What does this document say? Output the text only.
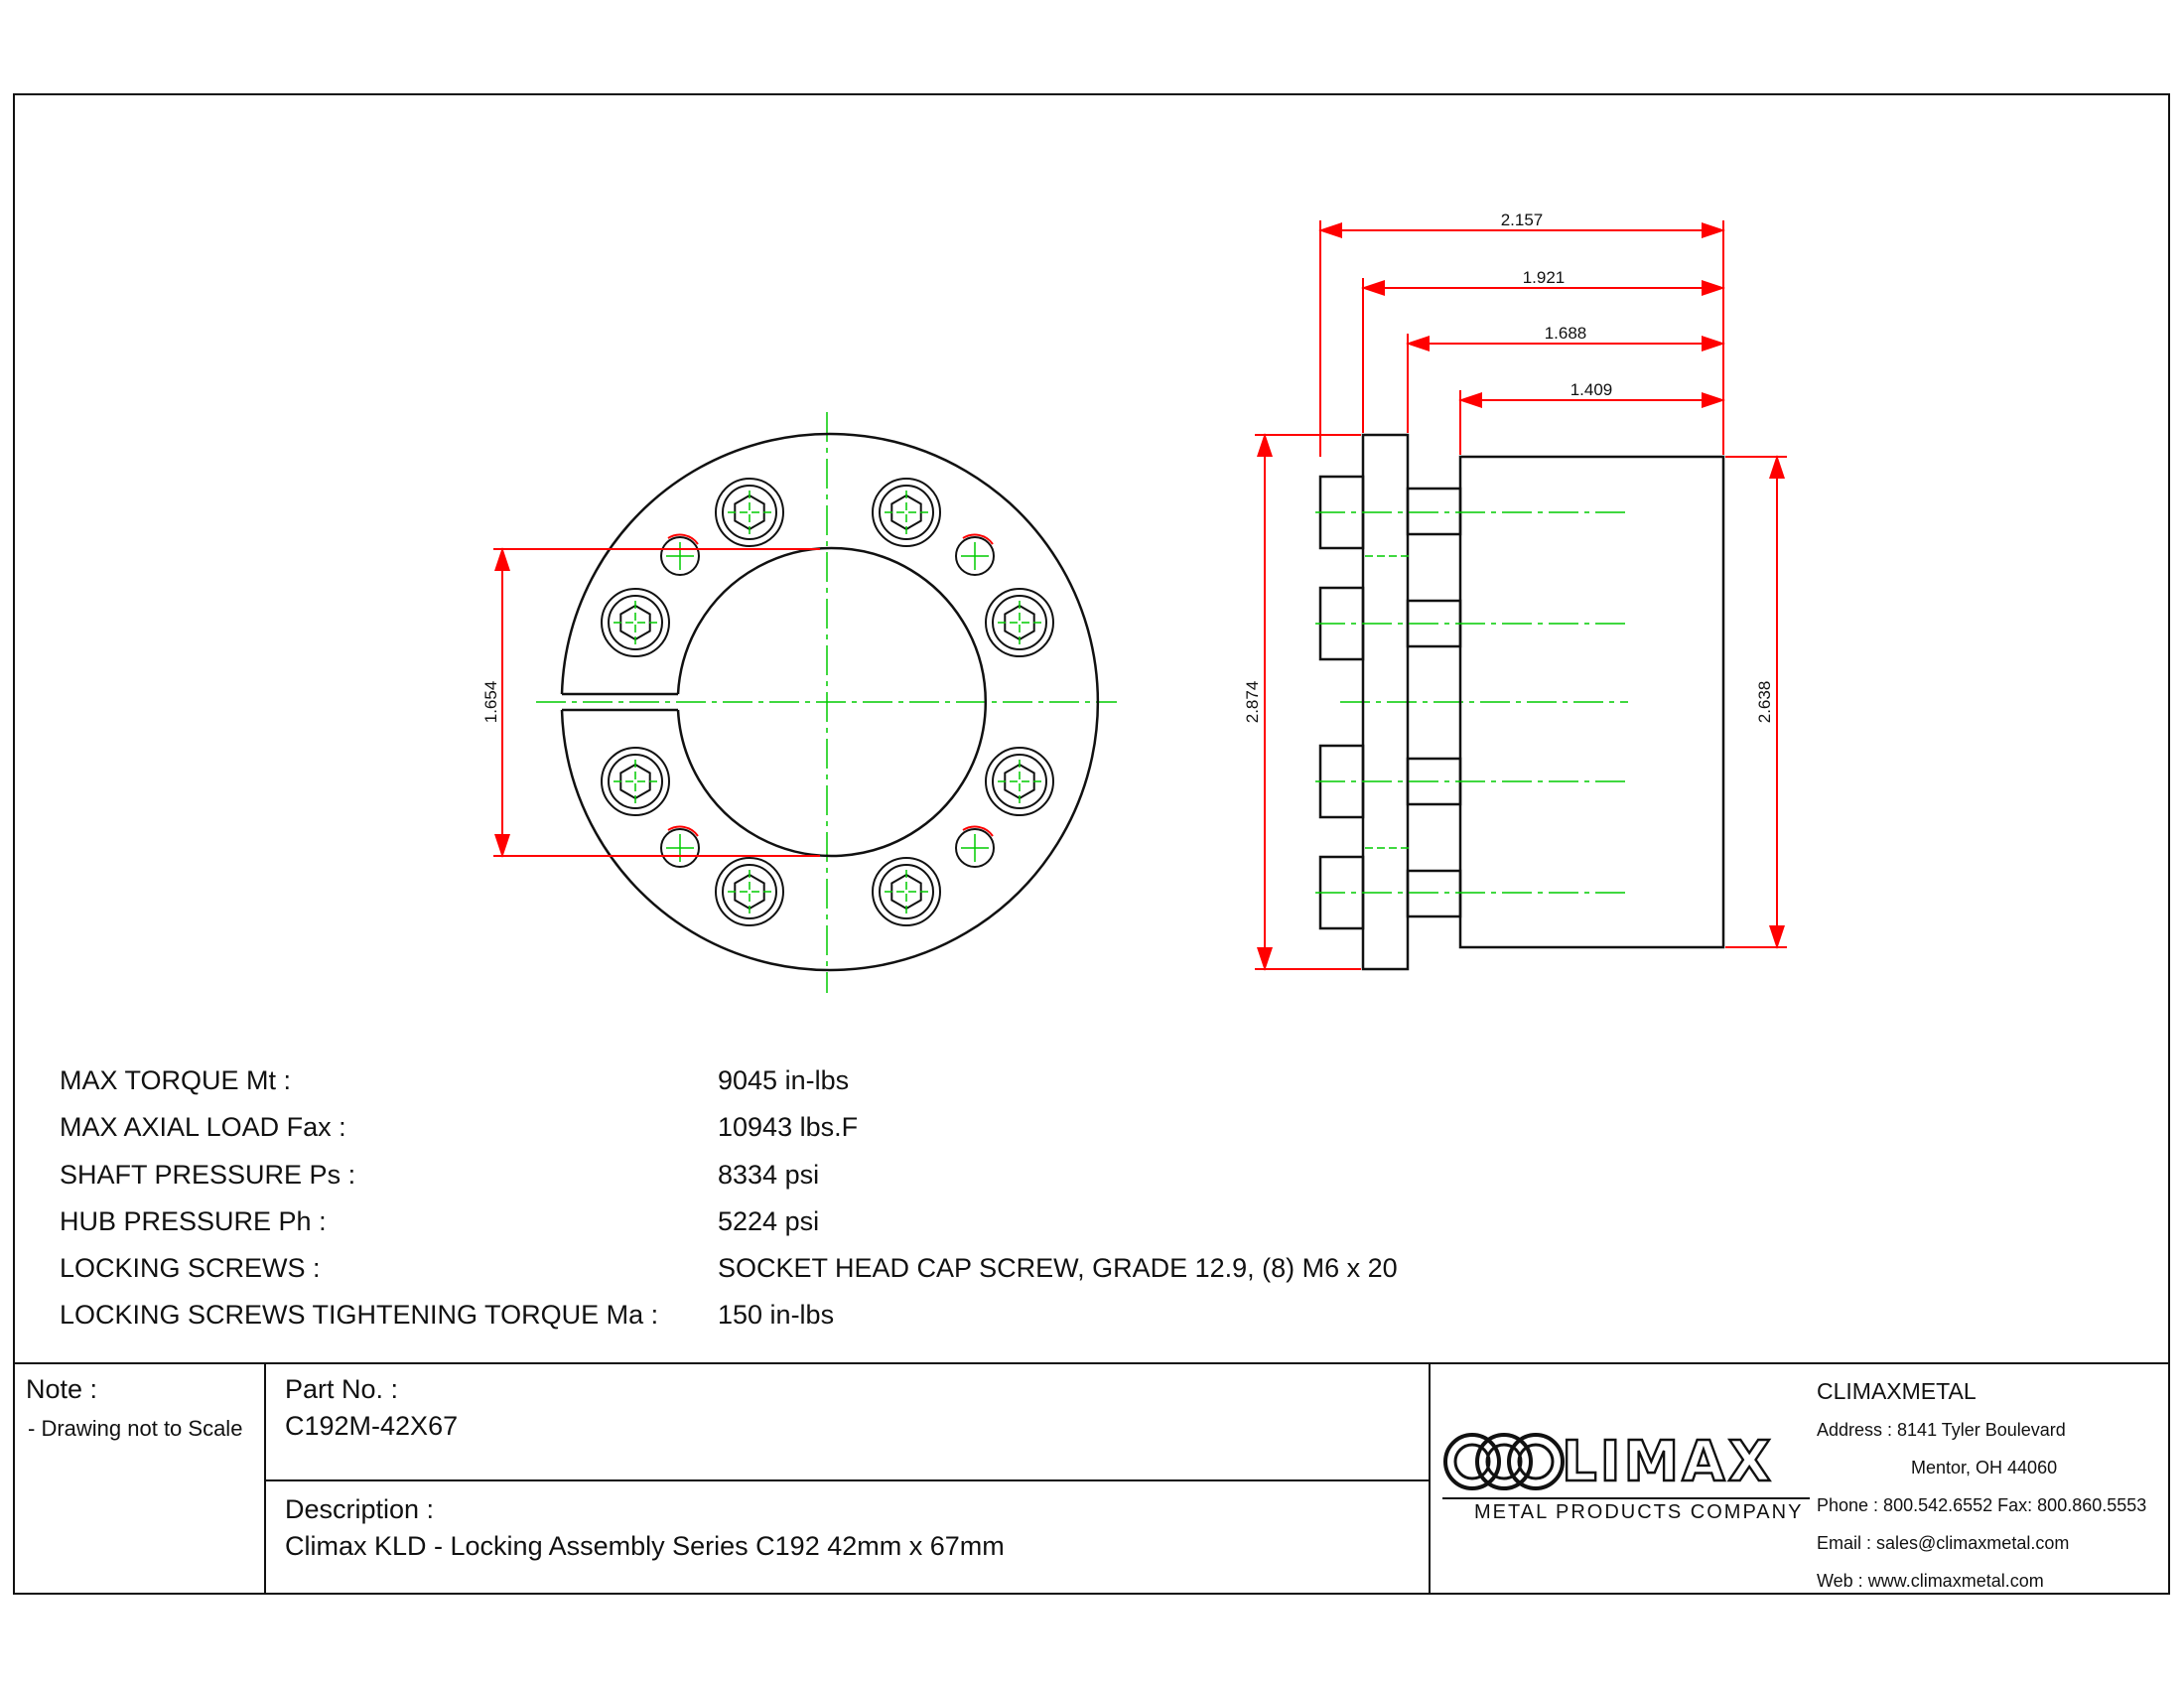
1.654
2.157
1.921
1.688
1.409
2.874	2.638
MAX TORQUE Mt :	9045 in-lbs
MAX AXIAL LOAD Fax :	10943 lbs.F
SHAFT PRESSURE Ps :	8334 psi
HUB PRESSURE Ph :	5224 psi
LOCKING SCREWS :	SOCKET HEAD CAP SCREW, GRADE 12.9, (8) M6 x 20
LOCKING SCREWS TIGHTENING TORQUE Ma : 150 in-lbs
Note :
- Drawing not to Scale
Part No. :
C192M-42X67
Description :
Climax KLD - Locking Assembly Series C192 42mm x 67mm
LIMAX
METAL PRODUCTS COMPANY
CLIMAXMETAL
Address : 8141 Tyler Boulevard
Mentor, OH 44060
Phone : 800.542.6552 Fax: 800.860.5553
Email : sales@climaxmetal.com
Web : www.climaxmetal.com
